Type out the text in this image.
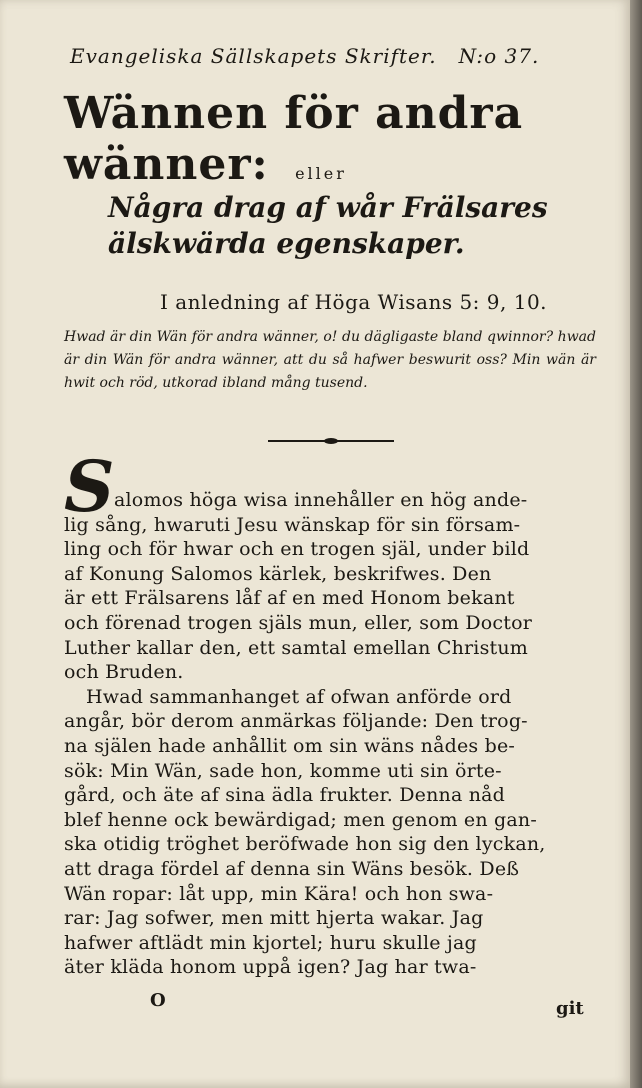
Evangeliska Sällskapets Skrifter. N:o 37.
Wännen för andra wänner:	eller
Några drag af wår Frälsares
älskwärda egenskaper.
I anledning af Höga Wisans 5: 9, 10.
Hwad är din Wän för andra wänner, o! du dägligaste bland qwinnor? hwad är din Wän för andra wänner, att du så hafwer beswurit oss? Min wän är hwit och röd, utkorad ibland mång tusend.
S alomos höga wisa innehåller en hög ande-
lig sång, hwaruti Jesu wänskap för sin försam-
ling och för hwar och en trogen själ, under bild
af Konung Salomos kärlek, beskrifwes. Den
är ett Frälsarens låf af en med Honom bekant
och förenad trogen själs mun, eller, som Doctor
Luther kallar den, ett samtal emellan Christum
och Bruden.
Hwad sammanhanget af ofwan anförde ord
angår, bör derom anmärkas följande: Den trog-
na själen hade anhållit om sin wäns nådes be-
sök: Min Wän, sade hon, komme uti sin örte-
gård, och äte af sina ädla frukter. Denna nåd
blef henne ock bewärdigad; men genom en gan-
ska otidig tröghet beröfwade hon sig den lyckan,
att draga fördel af denna sin Wäns besök. Deß
Wän ropar: låt upp, min Kära! och hon swa-
rar: Jag sofwer, men mitt hjerta wakar. Jag
hafwer aftlädt min kjortel; huru skulle jag
äter kläda honom uppå igen? Jag har twa-
O	git
